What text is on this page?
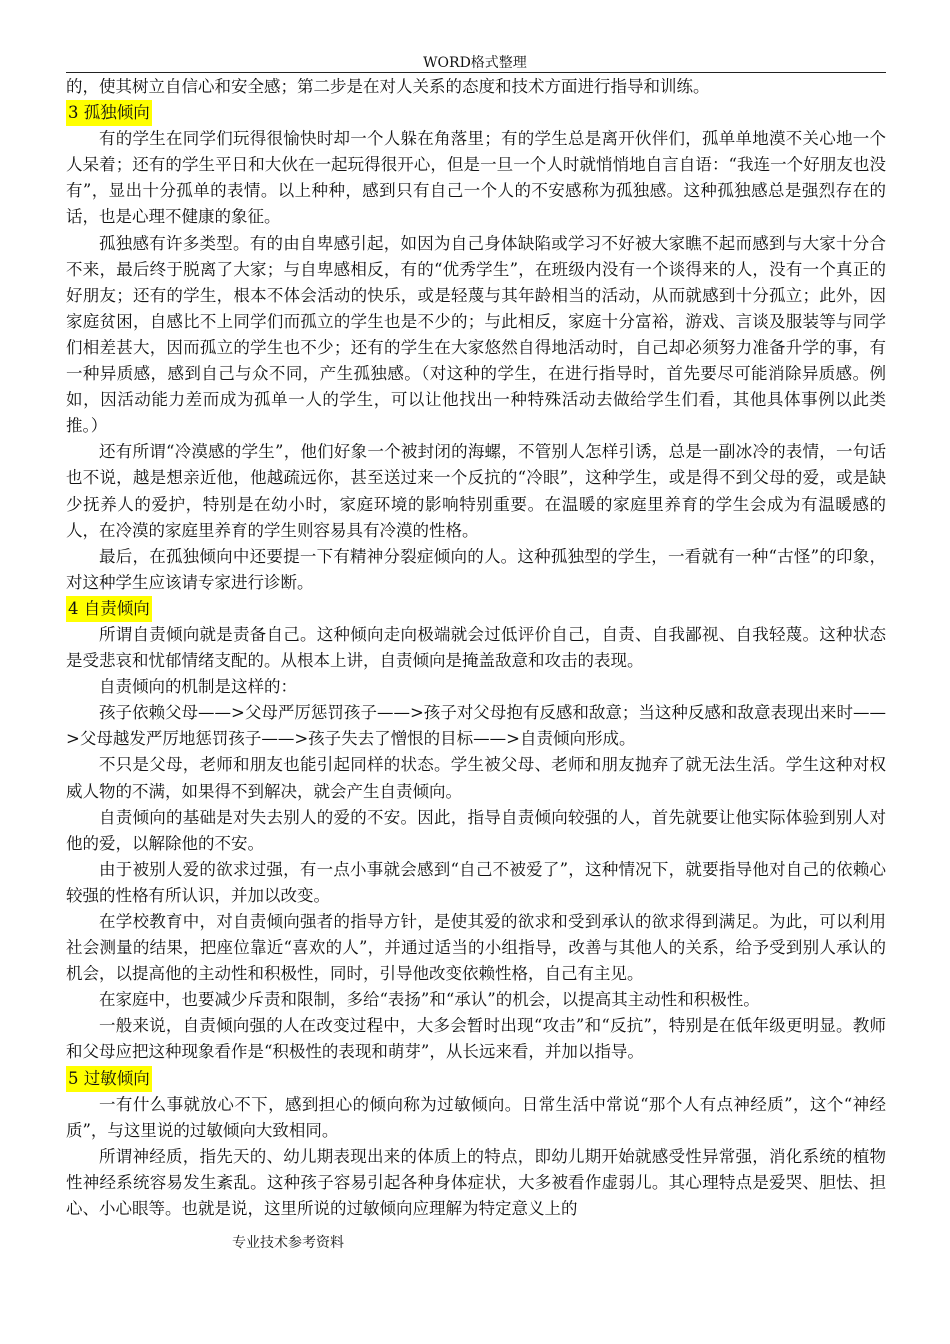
WORD格式整理

的，使其树立自信心和安全感；第二步是在对人关系的态度和技术方面进行指导和训练。

3 孤独倾向

有的学生在同学们玩得很愉快时却一个人躲在角落里；有的学生总是离开伙伴们，孤单单地漠不关心地一个人呆着；还有的学生平日和大伙在一起玩得很开心，但是一旦一个人时就悄悄地自言自语：“我连一个好朋友也没有”，显出十分孤单的表情。以上种种，感到只有自己一个人的不安感称为孤独感。这种孤独感总是强烈存在的话，也是心理不健康的象征。

孤独感有许多类型。有的由自卑感引起，如因为自己身体缺陷或学习不好被大家瞧不起而感到与大家十分合不来，最后终于脱离了大家；与自卑感相反，有的“优秀学生”，在班级内没有一个谈得来的人，没有一个真正的好朋友；还有的学生，根本不体会活动的快乐，或是轻蔑与其年龄相当的活动，从而就感到十分孤立；此外，因家庭贫困，自感比不上同学们而孤立的学生也是不少的；与此相反，家庭十分富裕，游戏、言谈及服装等与同学们相差甚大，因而孤立的学生也不少；还有的学生在大家悠然自得地活动时，自己却必须努力准备升学的事，有一种异质感，感到自己与众不同，产生孤独感。（对这种的学生，在进行指导时，首先要尽可能消除异质感。例如，因活动能力差而成为孤单一人的学生，可以让他找出一种特殊活动去做给学生们看，其他具体事例以此类推。）

还有所谓“冷漠感的学生”，他们好象一个被封闭的海螺，不管别人怎样引诱，总是一副冰冷的表情，一句话也不说，越是想亲近他，他越疏远你，甚至送过来一个反抗的“冷眼”，这种学生，或是得不到父母的爱，或是缺少抚养人的爱护，特别是在幼小时，家庭环境的影响特别重要。在温暖的家庭里养育的学生会成为有温暖感的人，在冷漠的家庭里养育的学生则容易具有冷漠的性格。

最后，在孤独倾向中还要提一下有精神分裂症倾向的人。这种孤独型的学生，一看就有一种“古怪”的印象，对这种学生应该请专家进行诊断。

4 自责倾向

所谓自责倾向就是责备自己。这种倾向走向极端就会过低评价自己，自责、自我鄙视、自我轻蔑。这种状态是受悲哀和忧郁情绪支配的。从根本上讲，自责倾向是掩盖敌意和攻击的表现。

自责倾向的机制是这样的：

孩子依赖父母——>父母严厉惩罚孩子——>孩子对父母抱有反感和敌意；当这种反感和敌意表现出来时——>父母越发严厉地惩罚孩子——>孩子失去了憎恨的目标——>自责倾向形成。

不只是父母，老师和朋友也能引起同样的状态。学生被父母、老师和朋友抛弃了就无法生活。学生这种对权威人物的不满，如果得不到解决，就会产生自责倾向。

自责倾向的基础是对失去别人的爱的不安。因此，指导自责倾向较强的人，首先就要让他实际体验到别人对他的爱，以解除他的不安。

由于被别人爱的欲求过强，有一点小事就会感到“自己不被爱了”，这种情况下，就要指导他对自己的依赖心较强的性格有所认识，并加以改变。

在学校教育中，对自责倾向强者的指导方针，是使其爱的欲求和受到承认的欲求得到满足。为此，可以利用社会测量的结果，把座位靠近“喜欢的人”，并通过适当的小组指导，改善与其他人的关系，给予受到别人承认的机会，以提高他的主动性和积极性，同时，引导他改变依赖性格，自己有主见。

在家庭中，也要减少斥责和限制，多给“表扬”和“承认”的机会，以提高其主动性和积极性。

一般来说，自责倾向强的人在改变过程中，大多会暂时出现“攻击”和“反抗”，特别是在低年级更明显。教师和父母应把这种现象看作是“积极性的表现和萌芽”，从长远来看，并加以指导。

5 过敏倾向

一有什么事就放心不下，感到担心的倾向称为过敏倾向。日常生活中常说“那个人有点神经质”，这个“神经质”，与这里说的过敏倾向大致相同。

所谓神经质，指先天的、幼儿期表现出来的体质上的特点，即幼儿期开始就感受性异常强，消化系统的植物性神经系统容易发生紊乱。这种孩子容易引起各种身体症状，大多被看作虚弱儿。其心理特点是爱哭、胆怯、担心、小心眼等。也就是说，这里所说的过敏倾向应理解为特定意义上的

专业技术参考资料
